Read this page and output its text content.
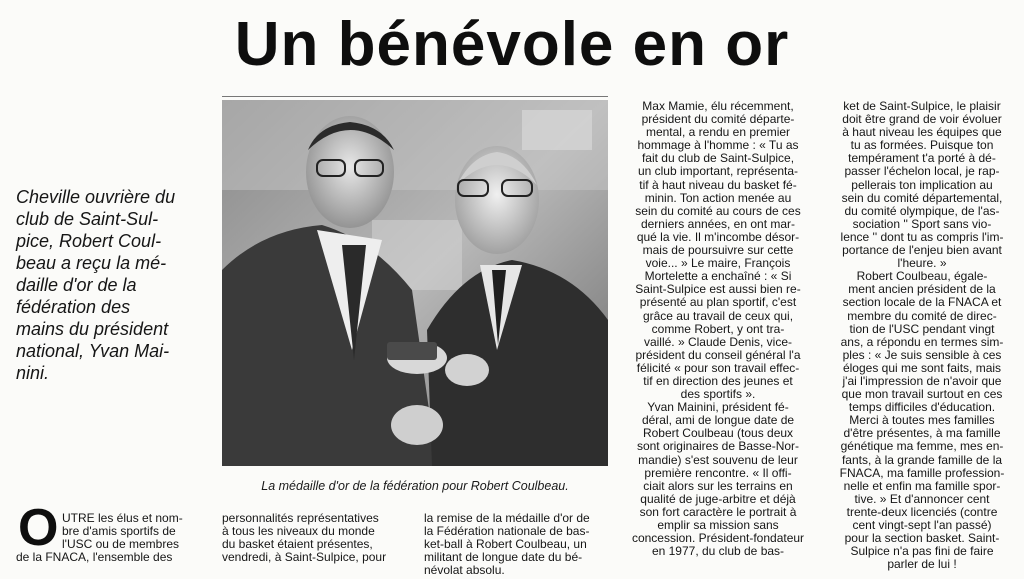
Un bénévole en or

Cheville ouvrière du
club de Saint-Sul-
pice, Robert Coul-
beau a reçu la mé-
daille d'or de la
fédération des
mains du président
national, Yvan Mai-
nini.

La médaille d'or de la fédération pour Robert Coulbeau.
O UTRE les élus et nom-
bre d'amis sportifs de
l'USC ou de membres
de la FNACA, l'ensemble des
personnalités représentatives
à tous les niveaux du monde
du basket étaient présentes,
vendredi, à Saint-Sulpice, pour
la remise de la médaille d'or de
la Fédération nationale de bas-
ket-ball à Robert Coulbeau, un
militant de longue date du bé-
névolat absolu.
Max Mamie, élu récemment,
président du comité départe-
mental, a rendu en premier
hommage à l'homme : « Tu as
fait du club de Saint-Sulpice,
un club important, représenta-
tif à haut niveau du basket fé-
minin. Ton action menée au
sein du comité au cours de ces
derniers années, en ont mar-
qué la vie. Il m'incombe désor-
mais de poursuivre sur cette
voie... » Le maire, François
Mortelette a enchaîné : « Si
Saint-Sulpice est aussi bien re-
présenté au plan sportif, c'est
grâce au travail de ceux qui,
comme Robert, y ont tra-
vaillé. » Claude Denis, vice-
président du conseil général l'a
félicité « pour son travail effec-
tif en direction des jeunes et
des sportifs ».
Yvan Mainini, président fé-
déral, ami de longue date de
Robert Coulbeau (tous deux
sont originaires de Basse-Nor-
mandie) s'est souvenu de leur
première rencontre. « Il offi-
ciait alors sur les terrains en
qualité de juge-arbitre et déjà
son fort caractère le portrait à
emplir sa mission sans
concession. Président-fondateur
en 1977, du club de bas-
ket de Saint-Sulpice, le plaisir
doit être grand de voir évoluer
à haut niveau les équipes que
tu as formées. Puisque ton
tempérament t'a porté à dé-
passer l'échelon local, je rap-
pellerais ton implication au
sein du comité départemental,
du comité olympique, de l'as-
sociation '' Sport sans vio-
lence '' dont tu as compris l'im-
portance de l'enjeu bien avant
l'heure. »
Robert Coulbeau, égale-
ment ancien président de la
section locale de la FNACA et
membre du comité de direc-
tion de l'USC pendant vingt
ans, a répondu en termes sim-
ples : « Je suis sensible à ces
éloges qui me sont faits, mais
j'ai l'impression de n'avoir que
que mon travail surtout en ces
temps difficiles d'éducation.
Merci à toutes mes familles
d'être présentes, à ma famille
génétique ma femme, mes en-
fants, à la grande famille de la
FNACA, ma famille profession-
nelle et enfin ma famille spor-
tive. » Et d'annoncer cent
trente-deux licenciés (contre
cent vingt-sept l'an passé)
pour la section basket. Saint-
Sulpice n'a pas fini de faire
parler de lui !
